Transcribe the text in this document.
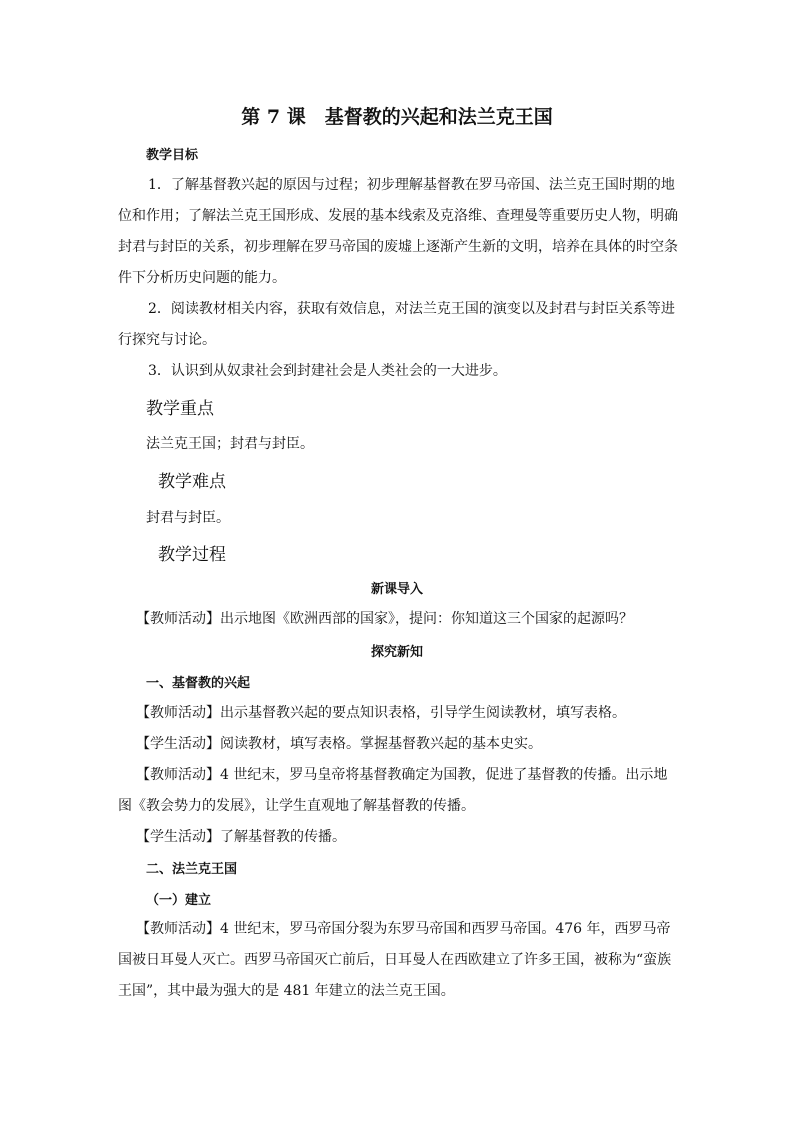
第 7 课　基督教的兴起和法兰克王国
教学目标

1．了解基督教兴起的原因与过程；初步理解基督教在罗马帝国、法兰克王国时期的地位和作用；了解法兰克王国形成、发展的基本线索及克洛维、查理曼等重要历史人物，明确封君与封臣的关系，初步理解在罗马帝国的废墟上逐渐产生新的文明，培养在具体的时空条件下分析历史问题的能力。

2．阅读教材相关内容，获取有效信息，对法兰克王国的演变以及封君与封臣关系等进行探究与讨论。

3．认识到从奴隶社会到封建社会是人类社会的一大进步。

教学重点

法兰克王国；封君与封臣。

教学难点

封君与封臣。

教学过程
新课导入

【教师活动】出示地图《欧洲西部的国家》，提问：你知道这三个国家的起源吗？

探究新知
一、基督教的兴起

【教师活动】出示基督教兴起的要点知识表格，引导学生阅读教材，填写表格。

【学生活动】阅读教材，填写表格。掌握基督教兴起的基本史实。

【教师活动】4 世纪末，罗马皇帝将基督教确定为国教，促进了基督教的传播。出示地图《教会势力的发展》，让学生直观地了解基督教的传播。

【学生活动】了解基督教的传播。

二、法兰克王国
（一）建立

【教师活动】4 世纪末，罗马帝国分裂为东罗马帝国和西罗马帝国。476 年，西罗马帝国被日耳曼人灭亡。西罗马帝国灭亡前后，日耳曼人在西欧建立了许多王国，被称为“蛮族王国”，其中最为强大的是 481 年建立的法兰克王国。
